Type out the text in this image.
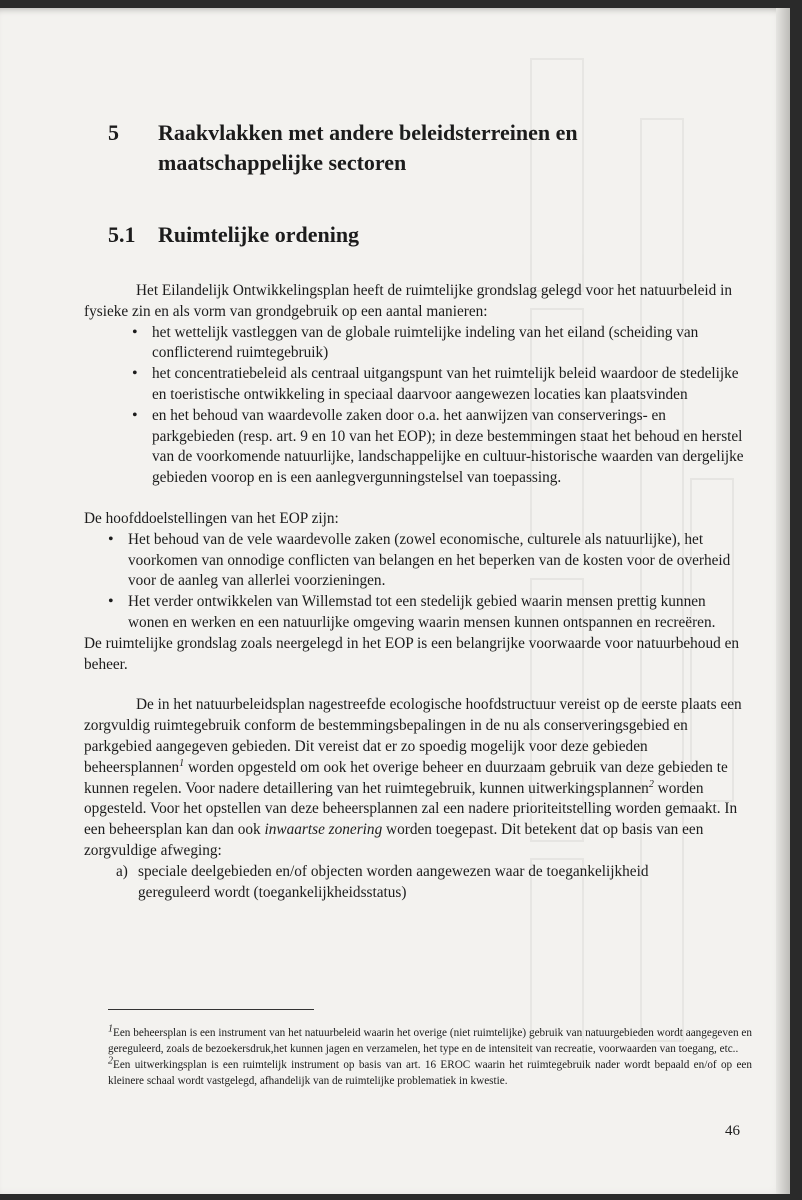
5	Raakvlakken met andere beleidsterreinen en maatschappelijke sectoren
5.1	Ruimtelijke ordening

Het Eilandelijk Ontwikkelingsplan heeft de ruimtelijke grondslag gelegd voor het natuurbeleid in fysieke zin en als vorm van grondgebruik op een aantal manieren:

• het wettelijk vastleggen van de globale ruimtelijke indeling van het eiland (scheiding van conflicterend ruimtegebruik)
• het concentratiebeleid als centraal uitgangspunt van het ruimtelijk beleid waardoor de stedelijke en toeristische ontwikkeling in speciaal daarvoor aangewezen locaties kan plaatsvinden
• en het behoud van waardevolle zaken door o.a. het aanwijzen van conserverings- en parkgebieden (resp. art. 9 en 10 van het EOP); in deze bestemmingen staat het behoud en herstel van de voorkomende natuurlijke, landschappelijke en cultuur-historische waarden van dergelijke gebieden voorop en is een aanlegvergunningstelsel van toepassing.

De hoofddoelstellingen van het EOP zijn:

• Het behoud van de vele waardevolle zaken (zowel economische, culturele als natuurlijke), het voorkomen van onnodige conflicten van belangen en het beperken van de kosten voor de overheid voor de aanleg van allerlei voorzieningen.
• Het verder ontwikkelen van Willemstad tot een stedelijk gebied waarin mensen prettig kunnen wonen en werken en een natuurlijke omgeving waarin mensen kunnen ontspannen en recreëren.

De ruimtelijke grondslag zoals neergelegd in het EOP is een belangrijke voorwaarde voor natuurbehoud en beheer.

De in het natuurbeleidsplan nagestreefde ecologische hoofdstructuur vereist op de eerste plaats een zorgvuldig ruimtegebruik conform de bestemmingsbepalingen in de nu als conserveringsgebied en parkgebied aangegeven gebieden. Dit vereist dat er zo spoedig mogelijk voor deze gebieden beheersplannen$^1$ worden opgesteld om ook het overige beheer en duurzaam gebruik van deze gebieden te kunnen regelen. Voor nadere detaillering van het ruimtegebruik, kunnen uitwerkingsplannen$^2$ worden opgesteld. Voor het opstellen van deze beheersplannen zal een nadere prioriteitstelling worden gemaakt. In een beheersplan kan dan ook inwaartse zonering worden toegepast. Dit betekent dat op basis van een zorgvuldige afweging:

a) speciale deelgebieden en/of objecten worden aangewezen waar de toegankelijkheid gereguleerd wordt (toegankelijkheidsstatus)

$^1$Een beheersplan is een instrument van het natuurbeleid waarin het overige (niet ruimtelijke) gebruik van natuurgebieden wordt aangegeven en gereguleerd, zoals de bezoekersdruk,het kunnen jagen en verzamelen, het type en de intensiteit van recreatie, voorwaarden van toegang, etc..

$^2$Een uitwerkingsplan is een ruimtelijk instrument op basis van art. 16 EROC waarin het ruimtegebruik nader wordt bepaald en/of op een kleinere schaal wordt vastgelegd, afhandelijk van de ruimtelijke problematiek in kwestie.

46
